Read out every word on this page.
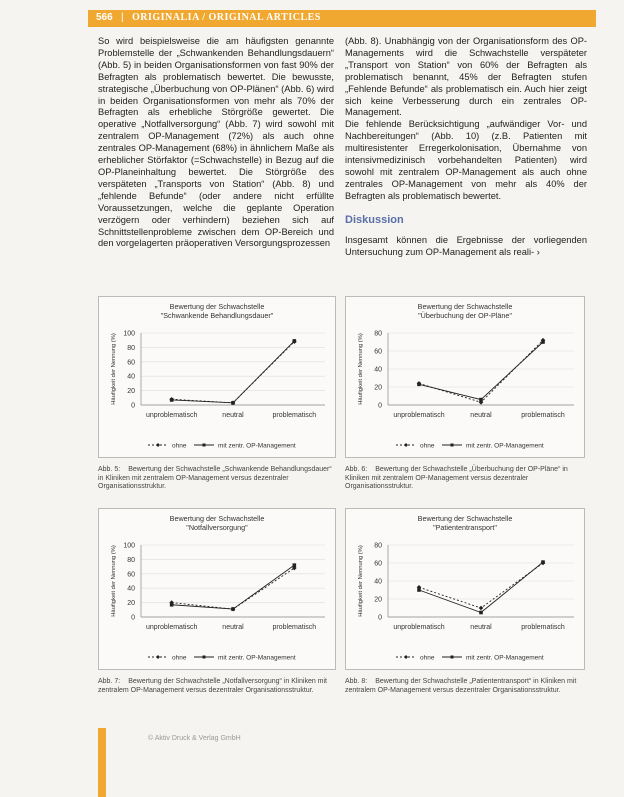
566 | ORIGINALIA / ORIGINAL ARTICLES

So wird beispielsweise die am häufigsten genannte Problemstelle der „Schwankenden Behandlungsdauern“ (Abb. 5) in beiden Organisationsformen von fast 90% der Befragten als problematisch bewertet. Die bewusste, strategische „Überbuchung von OP-Plänen“ (Abb. 6) wird in beiden Organisationsformen von mehr als 70% der Befragten als erhebliche Störgröße gewertet. Die operative „Notfallversorgung“ (Abb. 7) wird sowohl mit zentralem OP-Management (72%) als auch ohne zentrales OP-Management (68%) in ähnlichem Maße als erheblicher Störfaktor (=Schwachstelle) in Bezug auf die OP-Planeinhaltung bewertet. Die Störgröße des verspäteten „Transports von Station“ (Abb. 8) und „fehlende Befunde“ (oder andere nicht erfüllte Voraussetzungen, welche die geplante Operation verzögern oder verhindern) beziehen sich auf Schnittstellenprobleme zwischen dem OP-Bereich und den vorgelagerten präoperativen Versorgungsprozessen

(Abb. 8). Unabhängig von der Organisationsform des OP-Managements wird die Schwachstelle verspäteter „Transport von Station“ von 60% der Befragten als problematisch benannt, 45% der Befragten stufen „Fehlende Befunde“ als problematisch ein. Auch hier zeigt sich keine Verbesserung durch ein zentrales OP-Management.

Die fehlende Berücksichtigung „aufwändiger Vor- und Nachbereitungen“ (Abb. 10) (z.B. Patienten mit multiresistenter Erregerkolonisation, Übernahme von intensivmedizinisch vorbehandelten Patienten) wird sowohl mit zentralem OP-Management als auch ohne zentrales OP-Management von mehr als 40% der Befragten als problematisch bewertet.

Diskussion

Insgesamt können die Ergebnisse der vorliegenden Untersuchung zum OP-Management als reali- ›

Bewertung der Schwachstelle
"Schwankende Behandlungsdauer"
0
20
40
60
80
100
Häufigkeit der Nennung (%)
unproblematisch	neutral	problematisch
ohne	mit zentr. OP-Management
Abb. 5: Bewertung der Schwachstelle „Schwankende Behandlungsdauer“ in Kliniken mit zentralem OP-Management versus dezentraler Organisationsstruktur.
Bewertung der Schwachstelle
"Überbuchung der OP-Pläne"
0
20
40
60
80
Häufigkeit der Nennung (%)
unproblematisch	neutral	problematisch
ohne	mit zentr. OP-Management
Abb. 6: Bewertung der Schwachstelle „Überbuchung der OP-Pläne“ in Kliniken mit zentralem OP-Management versus dezentraler Organisationsstruktur.
Bewertung der Schwachstelle
"Notfallversorgung"
0
20
40
60
80
100
Häufigkeit der Nennung (%)
unproblematisch	neutral	problematisch
ohne	mit zentr. OP-Management
Abb. 7: Bewertung der Schwachstelle „Notfallversorgung“ in Kliniken mit zentralem OP-Management versus dezentraler Organisationsstruktur.
Bewertung der Schwachstelle
"Patiententransport"
0
20
40
60
80
Häufigkeit der Nennung (%)
unproblematisch	neutral	problematisch
ohne	mit zentr. OP-Management
Abb. 8: Bewertung der Schwachstelle „Patiententransport“ in Kliniken mit zentralem OP-Management versus dezentraler Organisationsstruktur.
© Aktiv Druck & Verlag GmbH
